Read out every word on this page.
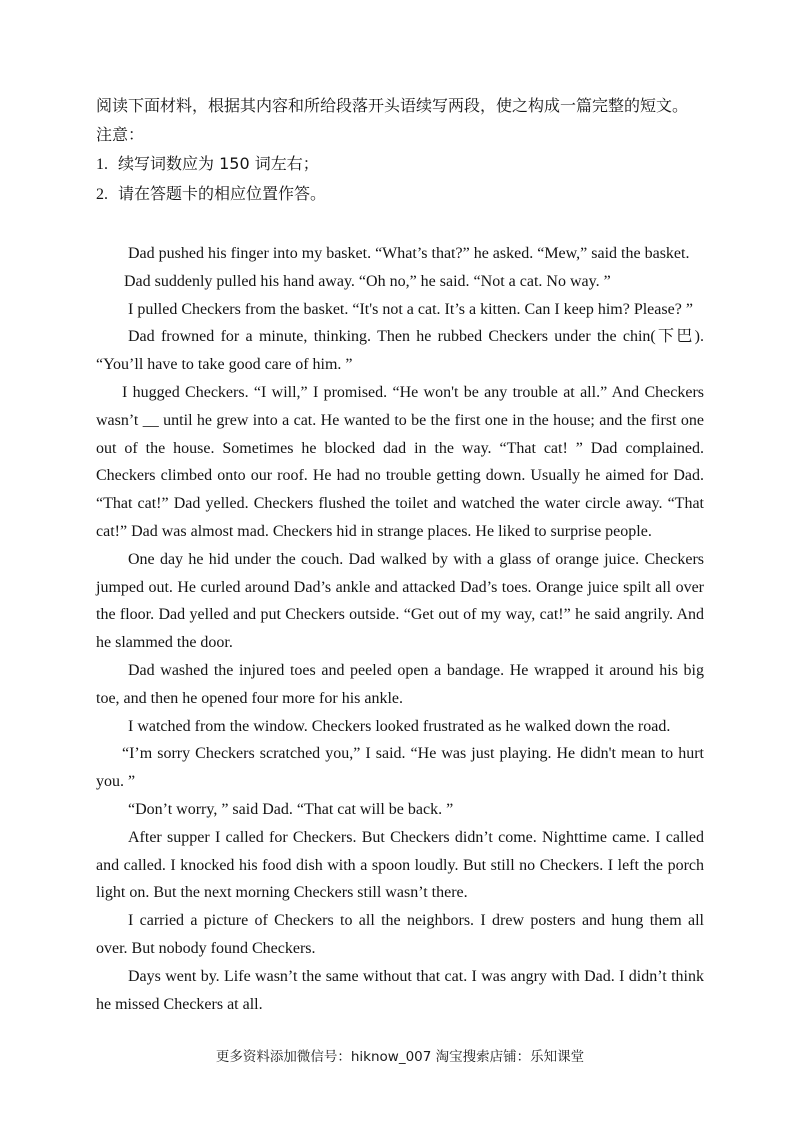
阅读下面材料，根据其内容和所给段落开头语续写两段，使之构成一篇完整的短文。
注意：
1. 续写词数应为 150 词左右；
2. 请在答题卡的相应位置作答。
Dad pushed his finger into my basket. “What’s that?” he asked. “Mew,” said the basket.
Dad suddenly pulled his hand away. “Oh no,” he said. “Not a cat. No way. ”
I pulled Checkers from the basket. “It's not a cat. It’s a kitten. Can I keep him? Please? ”
Dad frowned for a minute, thinking. Then he rubbed Checkers under the chin(下巴).
“You’ll have to take good care of him. ”
I hugged Checkers. “I will,” I promised. “He won't be any trouble at all.” And Checkers
wasn’t __ until he grew into a cat. He wanted to be the first one in the house; and the first one
out of the house. Sometimes he blocked dad in the way. “That cat! ” Dad complained.
Checkers climbed onto our roof. He had no trouble getting down. Usually he aimed for Dad.
“That cat!” Dad yelled. Checkers flushed the toilet and watched the water circle away. “That
cat!” Dad was almost mad. Checkers hid in strange places. He liked to surprise people.
One day he hid under the couch. Dad walked by with a glass of orange juice. Checkers
jumped out. He curled around Dad’s ankle and attacked Dad’s toes. Orange juice spilt all over
the floor. Dad yelled and put Checkers outside. “Get out of my way, cat!” he said angrily. And
he slammed the door.
Dad washed the injured toes and peeled open a bandage. He wrapped it around his big
toe, and then he opened four more for his ankle.
I watched from the window. Checkers looked frustrated as he walked down the road.
“I’m sorry Checkers scratched you,” I said. “He was just playing. He didn't mean to hurt
you. ”
“Don’t worry, ” said Dad. “That cat will be back. ”
After supper I called for Checkers. But Checkers didn’t come. Nighttime came. I called
and called. I knocked his food dish with a spoon loudly. But still no Checkers. I left the porch
light on. But the next morning Checkers still wasn’t there.
I carried a picture of Checkers to all the neighbors. I drew posters and hung them all
over. But nobody found Checkers.
Days went by. Life wasn’t the same without that cat. I was angry with Dad. I didn’t think
he missed Checkers at all.
更多资料添加微信号：hiknow_007 淘宝搜索店铺：乐知课堂
